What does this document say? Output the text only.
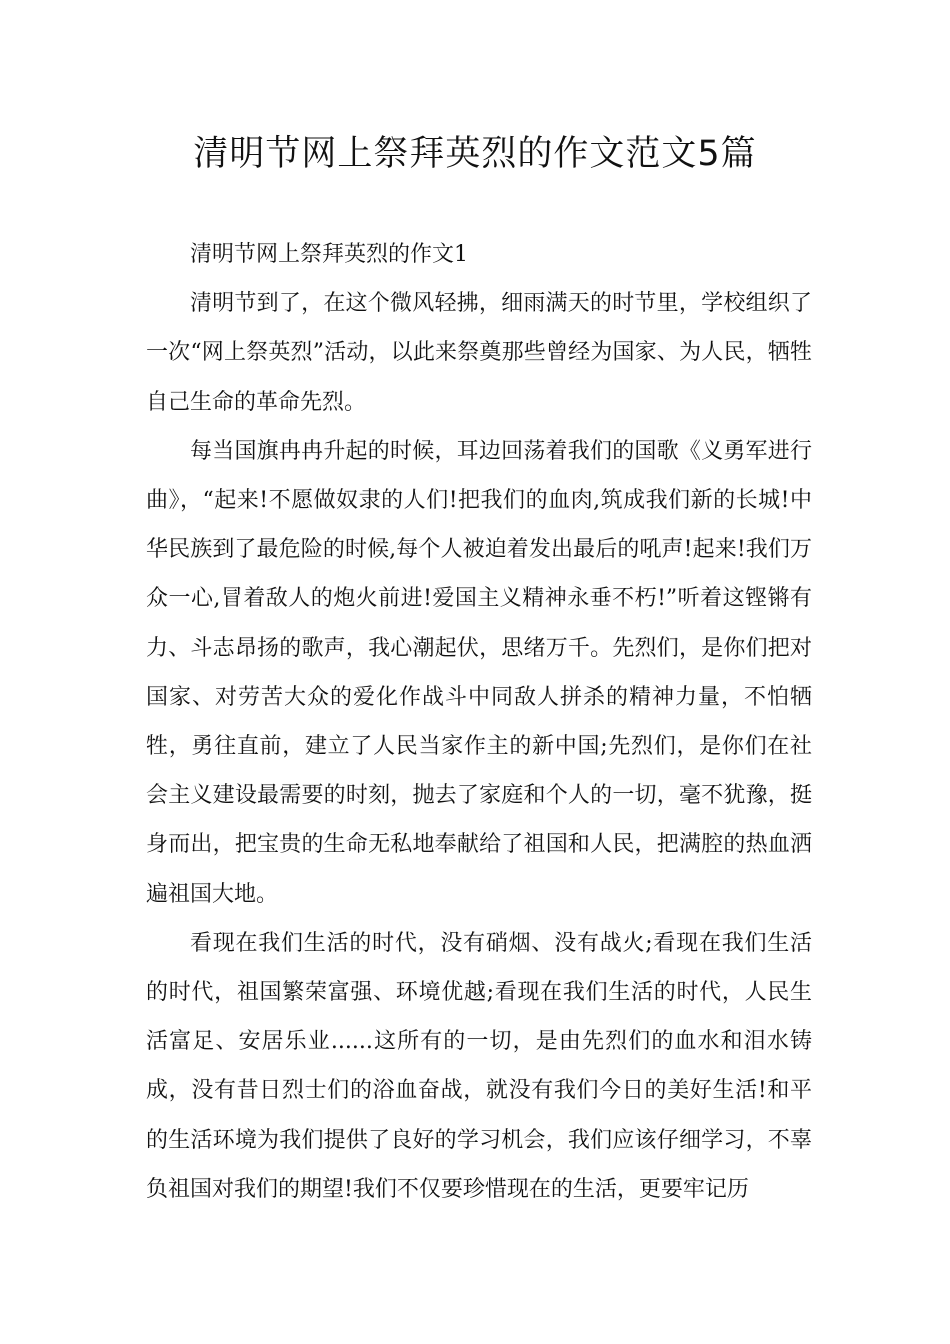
清明节网上祭拜英烈的作文范文5篇

清明节网上祭拜英烈的作文1

清明节到了，在这个微风轻拂，细雨满天的时节里，学校组织了一次“网上祭英烈”活动，以此来祭奠那些曾经为国家、为人民，牺牲自己生命的革命先烈。

每当国旗冉冉升起的时候，耳边回荡着我们的国歌《义勇军进行曲》，“起来!不愿做奴隶的人们!把我们的血肉,筑成我们新的长城!中华民族到了最危险的时候,每个人被迫着发出最后的吼声!起来!我们万众一心,冒着敌人的炮火前进!爱国主义精神永垂不朽!”听着这铿锵有力、斗志昂扬的歌声，我心潮起伏，思绪万千。先烈们，是你们把对国家、对劳苦大众的爱化作战斗中同敌人拼杀的精神力量，不怕牺牲，勇往直前，建立了人民当家作主的新中国;先烈们，是你们在社会主义建设最需要的时刻，抛去了家庭和个人的一切，毫不犹豫，挺身而出，把宝贵的生命无私地奉献给了祖国和人民，把满腔的热血洒遍祖国大地。

看现在我们生活的时代，没有硝烟、没有战火;看现在我们生活的时代，祖国繁荣富强、环境优越;看现在我们生活的时代，人民生活富足、安居乐业......这所有的一切，是由先烈们的血水和泪水铸成，没有昔日烈士们的浴血奋战，就没有我们今日的美好生活!和平的生活环境为我们提供了良好的学习机会，我们应该仔细学习，不辜负祖国对我们的期望!我们不仅要珍惜现在的生活，更要牢记历
